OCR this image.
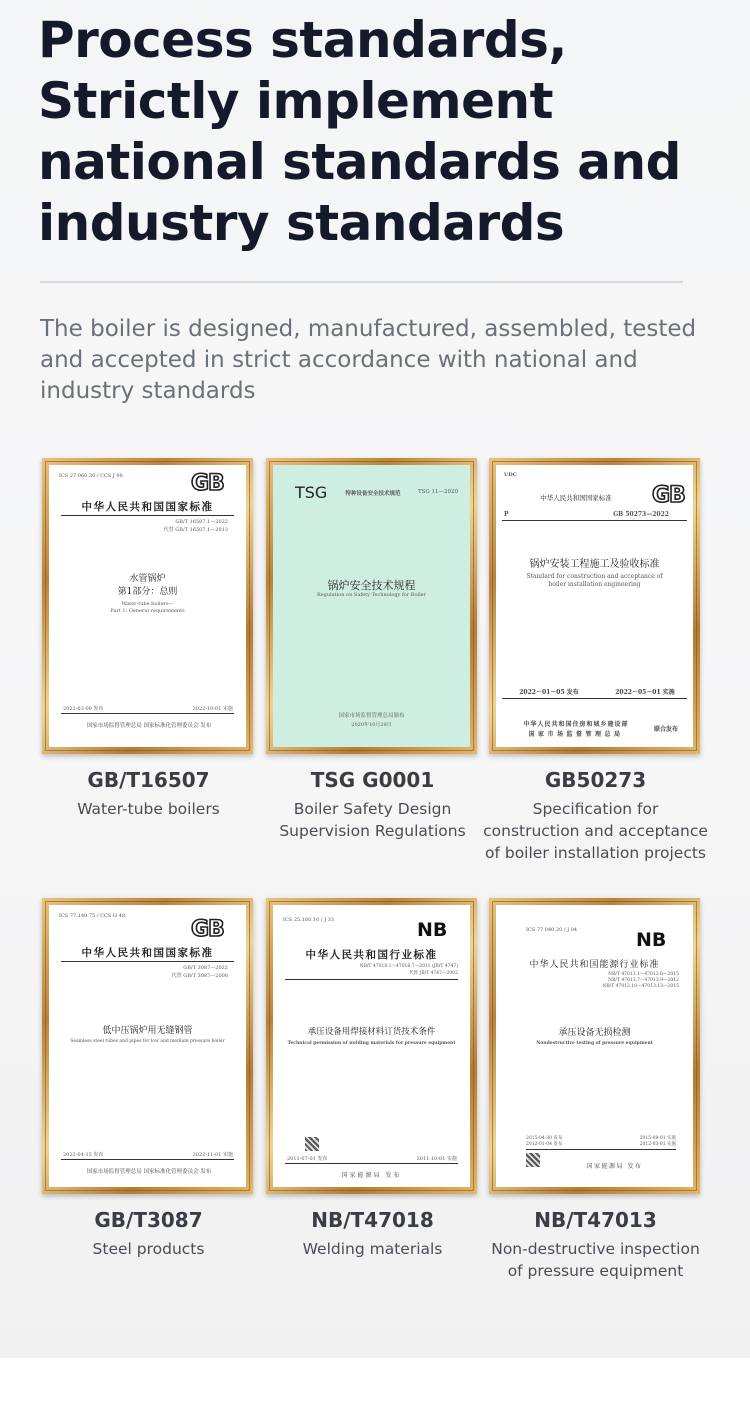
Process standards, Strictly implement national standards and industry standards

The boiler is designed, manufactured, assembled, tested and accepted in strict accordance with national and industry standards

ICS 27.060.30 / CCS J 98	GB
中华人民共和国国家标准
GB/T 16507.1—2022
代替 GB/T 16507.1—2013
水管锅炉
第1部分：总则
Water-tube boilers—
Part 1: General requirements
2022-03-09 发布	2022-10-01 实施
国家市场监督管理总局 国家标准化管理委员会 发布
GB/T16507
Water-tube boilers
TSG	特种设备安全技术规范	TSG 11—2020
锅炉安全技术规程
Regulation on Safety Technology for Boiler
国家市场监督管理总局颁布
2020年10月29日
TSG G0001
Boiler Safety Design Supervision Regulations
UDC
中华人民共和国国家标准	GB
P	GB 50273—2022
锅炉安装工程施工及验收标准
Standard for construction and acceptance of boiler installation engineering
2022－01－05 发布	2022－05－01 实施
中华人民共和国住房和城乡建设部
国家市场监督管理总局
联合发布
GB50273
Specification for construction and acceptance of boiler installation projects
ICS 77.140.75 / CCS H 48
GB
中华人民共和国国家标准
GB/T 3087—2022
代替 GB/T 3087—2008
低中压锅炉用无缝钢管
Seamless steel tubes and pipes for low and medium pressure boiler
2022-04-15 发布	2022-11-01 实施
国家市场监督管理总局 国家标准化管理委员会 发布
GB/T3087
Steel products
ICS 25.160.10 / J 33	NB
中华人民共和国行业标准
NB/T 47018.1～47018.7—2011 (JB/T 4747)
代替 JB/T 4747—2002
承压设备用焊接材料订货技术条件
Technical permission of welding materials for pressure equipment
2011-07-01 发布	2011-10-01 实施
国家能源局 发布
NB/T47018
Welding materials
ICS 77.040.20 / J 04	NB
中华人民共和国能源行业标准
NB/T 47013.1～47013.6—2015
NB/T 47013.7～47013.9—2012
NB/T 47013.10～47013.13—2015
承压设备无损检测
Nondestructive testing of pressure equipment
2015-04-30 发布	2015-09-01 实施
2012-01-04 发布	2012-03-01 实施
国家能源局 发布
NB/T47013
Non-destructive inspection of pressure equipment
